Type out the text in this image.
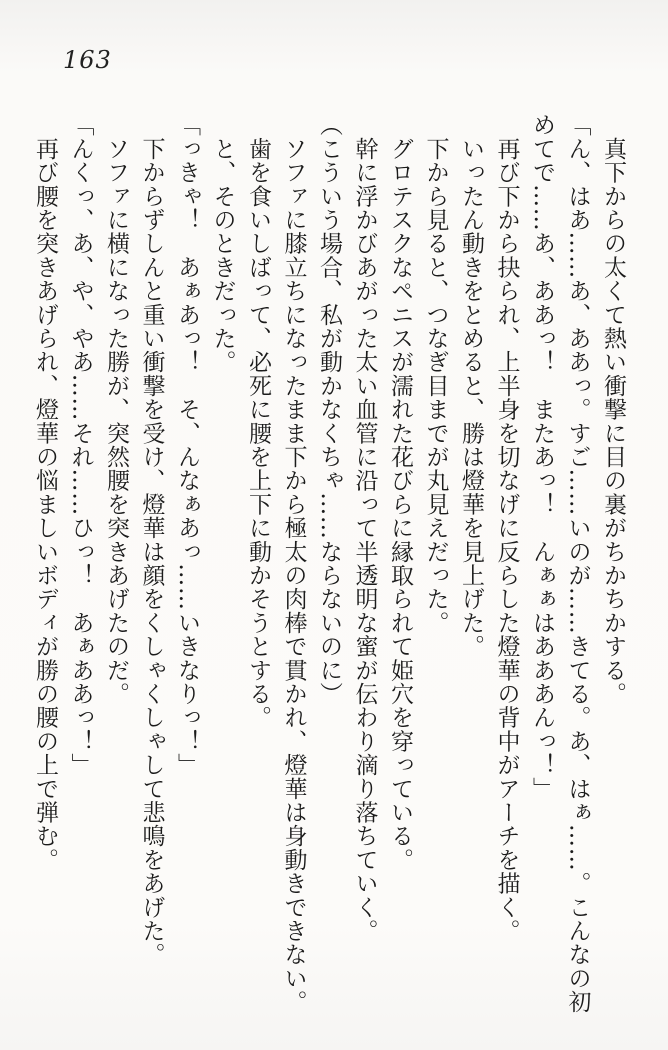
163

　真下からの太くて熱い衝撃に目の裏がちかちかする。

「ん、はあ……あ、ああっ。すご……いのが……きてる。あ、はぁ……。こんなの初

めてで……あ、ああっ！　またあっ！　んぁぁはあああんっ！」

　再び下から抉られ、上半身を切なげに反らした燈華の背中がアーチを描く。

　いったん動きをとめると、勝は燈華を見上げた。

　下から見ると、つなぎ目までが丸見えだった。

　グロテスクなペニスが濡れた花びらに縁取られて姫穴を穿っている。

　幹に浮かびあがった太い血管に沿って半透明な蜜が伝わり滴り落ちていく。

（こういう場合、私が動かなくちゃ……ならないのに）

　ソファに膝立ちになったまま下から極太の肉棒で貫かれ、燈華は身動きできない。

　歯を食いしばって、必死に腰を上下に動かそうとする。

　と、そのときだった。

「っきゃ！　あぁあっ！　そ、んなぁあっ……いきなりっ！」

　下からずしんと重い衝撃を受け、燈華は顔をくしゃくしゃして悲鳴をあげた。

　ソファに横になった勝が、突然腰を突きあげたのだ。

「んくっ、あ、や、やあ……それ……ひっ！　あぁああっ！」

　再び腰を突きあげられ、燈華の悩ましいボディが勝の腰の上で弾む。
